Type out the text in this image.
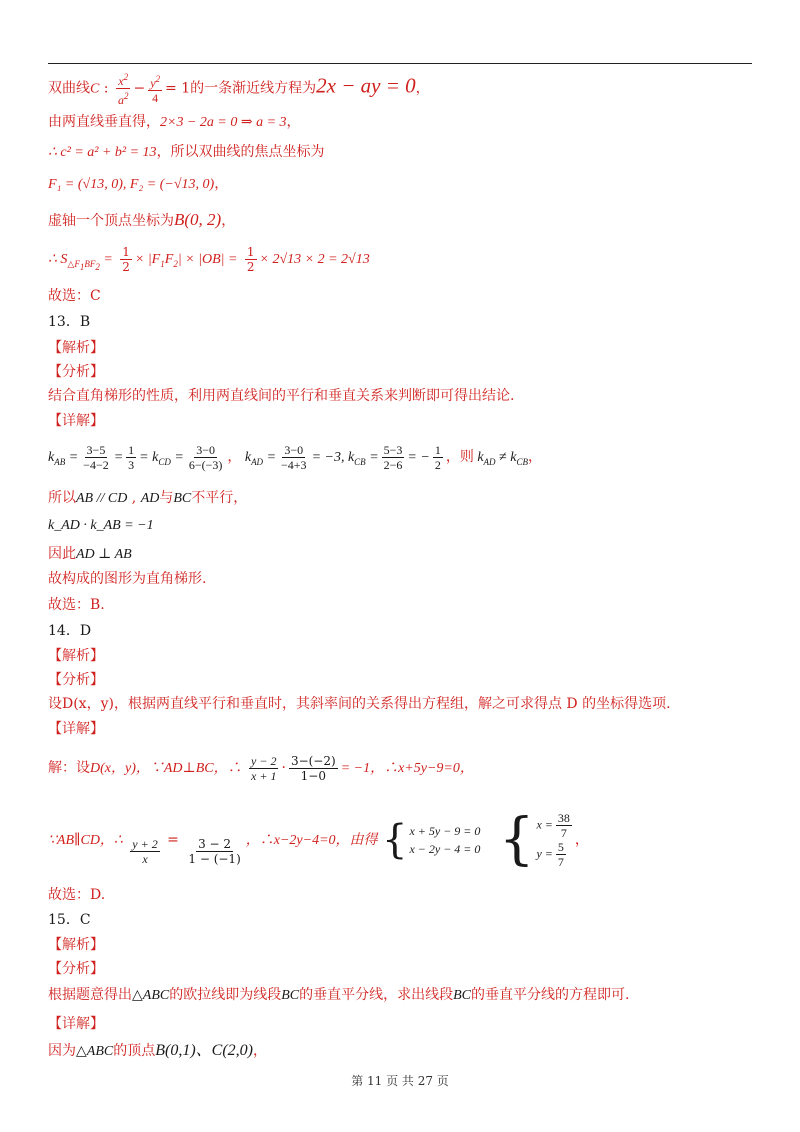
双曲线C : $\frac{x^2}{a^2} - \frac{y^2}{4} = 1$的一条渐近线方程为2x − ay = 0，
由两直线垂直得，2×3 − 2a = 0 ⇒ a = 3，
∴ c² = a² + b² = 13，所以双曲线的焦点坐标为
F₁ = (√13, 0), F₂ = (−√13, 0)，
虚轴一个顶点坐标为B(0, 2)，
∴ $S_{\triangle F_1BF_2} = \frac{1}{2} \times |F_1F_2| \times |OB| = \frac{1}{2} \times 2√13 \times 2 = 2√13$
故选：C
13．B
【解析】
【分析】
结合直角梯形的性质，利用两直线间的平行和垂直关系来判断即可得出结论.
【详解】
$k_{AB} = \frac{3-5}{-4-2} = \frac{1}{3} = k_{CD} = \frac{3-0}{6-(-3)}$ ， $k_{AD} = \frac{3-0}{-4+3} = -3$, $k_{CB} = \frac{5-3}{2-6}$ = − $\frac{1}{2}$ ，则 $k_{AD} \ne k_{CB}$，
所以AB // CD , AD与BC不平行，
k_AD · k_AB = −1
因此AD ⊥ AB
故构成的图形为直角梯形.
故选：B.
14．D
【解析】
【分析】
设D(x，y)，根据两直线平行和垂直时，其斜率间的关系得出方程组，解之可求得点 D 的坐标得选项.
【详解】
解：设D(x，y)，∵AD⊥BC，∴ $\frac{y - 2}{x + 1} \cdot \frac{3-(-2)}{1-0} = -1$，∴x+5y−9=0，
∵AB∥CD，∴ $\frac{y + 2}{x} = \frac{3 - 2}{1 - (-1)}$ ，∴x−2y−4=0，由得 { x + 5y − 9 = 0
x − 2y − 4 = 0 { $x = \frac{38}{7}$
$y = \frac{5}{7}$ ，
故选：D.
15．C
【解析】
【分析】
根据题意得出△ABC的欧拉线即为线段BC的垂直平分线，求出线段BC的垂直平分线的方程即可.
【详解】
因为△ABC的顶点B(0,1)、C(2,0)，
第 11 页 共 27 页
